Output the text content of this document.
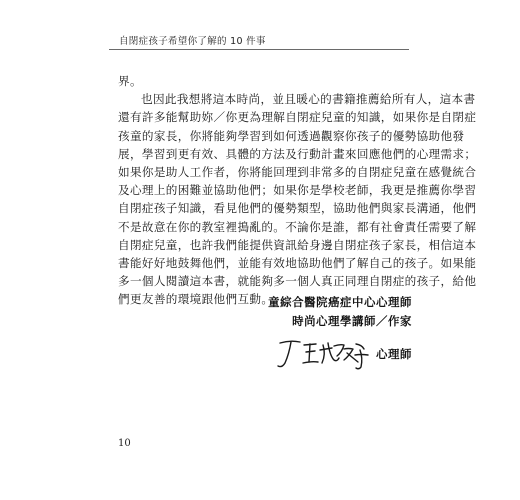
自閉症孩子希望你了解的 10 件事
界。
也因此我想將這本時尚，並且暖心的書籍推薦給所有人，這本書
還有許多能幫助妳／你更為理解自閉症兒童的知識，如果你是自閉症
孩童的家長，你將能夠學習到如何透過觀察你孩子的優勢協助他發
展，學習到更有效、具體的方法及行動計畫來回應他們的心理需求；
如果你是助人工作者，你將能回理到非常多的自閉症兒童在感覺統合
及心理上的困難並協助他們；如果你是學校老師，我更是推薦你學習
自閉症孩子知識，看見他們的優勢類型，協助他們與家長溝通，他們
不是故意在你的教室裡搗亂的。不論你是誰，都有社會責任需要了解
自閉症兒童，也許我們能提供資訊給身邊自閉症孩子家長，相信這本
書能好好地鼓舞他們，並能有效地協助他們了解自己的孩子。如果能
多一個人閱讀這本書，就能夠多一個人真正同理自閉症的孩子，給他
們更友善的環境跟他們互動。
童綜合醫院癌症中心心理師
時尚心理學講師／作家
心理師
10
